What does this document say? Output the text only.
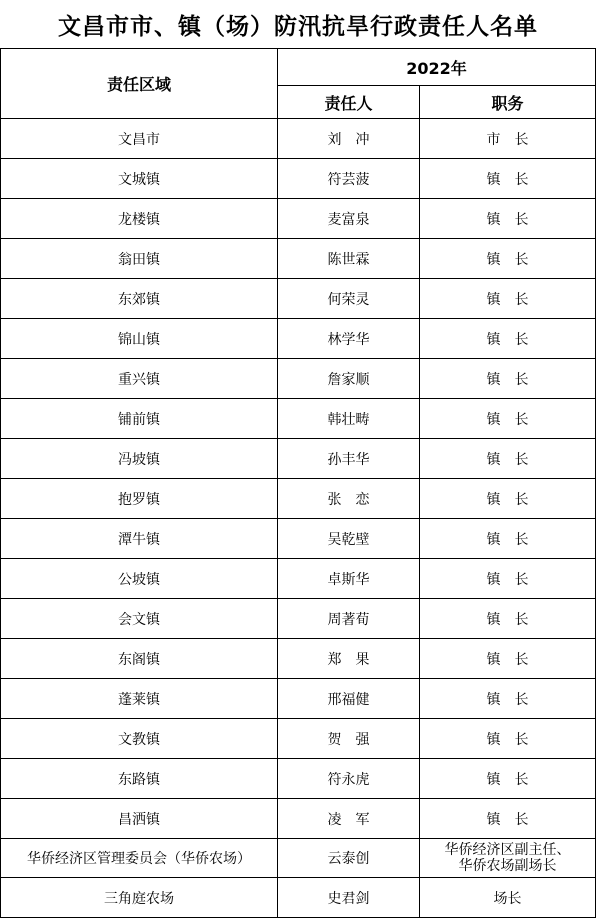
文昌市市、镇（场）防汛抗旱行政责任人名单
责任区域	2022年	
	责任人	职务
文昌市	刘　冲	市　长
文城镇	符芸菠	镇　长
龙楼镇	麦富泉	镇　长
翁田镇	陈世霖	镇　长
东郊镇	何荣灵	镇　长
锦山镇	林学华	镇　长
重兴镇	詹家顺	镇　长
铺前镇	韩壮畴	镇　长
冯坡镇	孙丰华	镇　长
抱罗镇	张　恋	镇　长
潭牛镇	吴乾壁	镇　长
公坡镇	卓斯华	镇　长
会文镇	周著荀	镇　长
东阁镇	郑　果	镇　长
蓬莱镇	邢福健	镇　长
文教镇	贺　强	镇　长
东路镇	符永虎	镇　长
昌洒镇	凌　军	镇　长
华侨经济区管理委员会（华侨农场）	云泰创	华侨经济区副主任、
华侨农场副场长

三角庭农场	史君剑	场长
